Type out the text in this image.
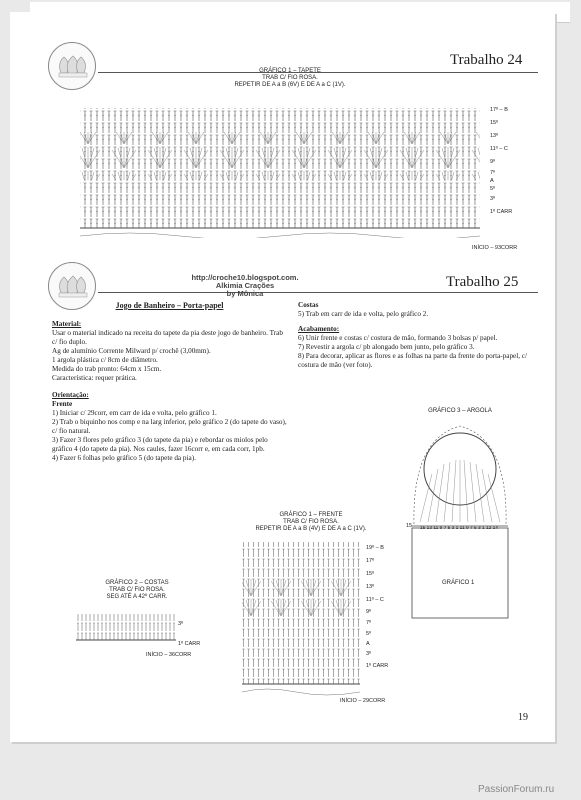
Trabalho 24
GRÁFICO 1 – TAPETE
TRAB C/ FIO ROSA.
REPETIR DE A a B (6V) E DE A a C (1V).
17º – B
15º
13º
11º – C
9º
7º
A
5º
3º
1º CARR
INÍCIO – 93CORR
Trabalho 25
http://croche10.blogspot.com.
Alkimia Crações
by Mônica

Jogo de Banheiro – Porta-papel

Material:

Usar o material indicado na receita do tapete da pia deste jogo de banheiro. Trab c/ fio duplo.

Ag de alumínio Corrente Milward p/ crochê (3,00mm).

1 argola plástica c/ 8cm de diâmetro.

Medida do trab pronto: 64cm x 15cm.

Característica: requer prática.

Orientação:

Frente

1) Iniciar c/ 29corr, em carr de ida e volta, pelo gráfico 1.

2) Trab o biquinho nos comp e na larg inferior, pelo gráfico 2 (do tapete do vaso), c/ fio natural.

3) Fazer 3 flores pelo gráfico 3 (do tapete da pia) e rebordar os miolos pelo gráfico 4 (do tapete da pia). Nos caules, fazer 16corr e, em cada corr, 1pb.

4) Fazer 6 folhas pelo gráfico 5 (do tapete da pia).

Costas

5) Trab em carr de ida e volta, pelo gráfico 2.

Acabamento:

6) Unir frente e costas c/ costura de mão, formando 3 bolsas p/ papel.

7) Revestir a argola c/ pb alongado bem junto, pelo gráfico 3.

8) Para decorar, aplicar as flores e as folhas na parte da frente do porta-papel, c/ costura de mão (ver foto).

GRÁFICO 3 – ARGOLA
15 15 13 11 9 7 5 3 1 11 9 7 5 3 1 12 14
GRÁFICO 1
GRÁFICO 1 – FRENTE
TRAB C/ FIO ROSA.
REPETIR DE A a B (4V) E DE A a C (1V).
19º – B
17º
15º
13º
11º – C
9º
7º
5º
A
3º
1º CARR
INÍCIO – 29CORR
GRÁFICO 2 – COSTAS
TRAB C/ FIO ROSA.
SEG ATÉ A 42º CARR.
3º
1º CARR
INÍCIO – 36CORR
19
PassionForum.ru
